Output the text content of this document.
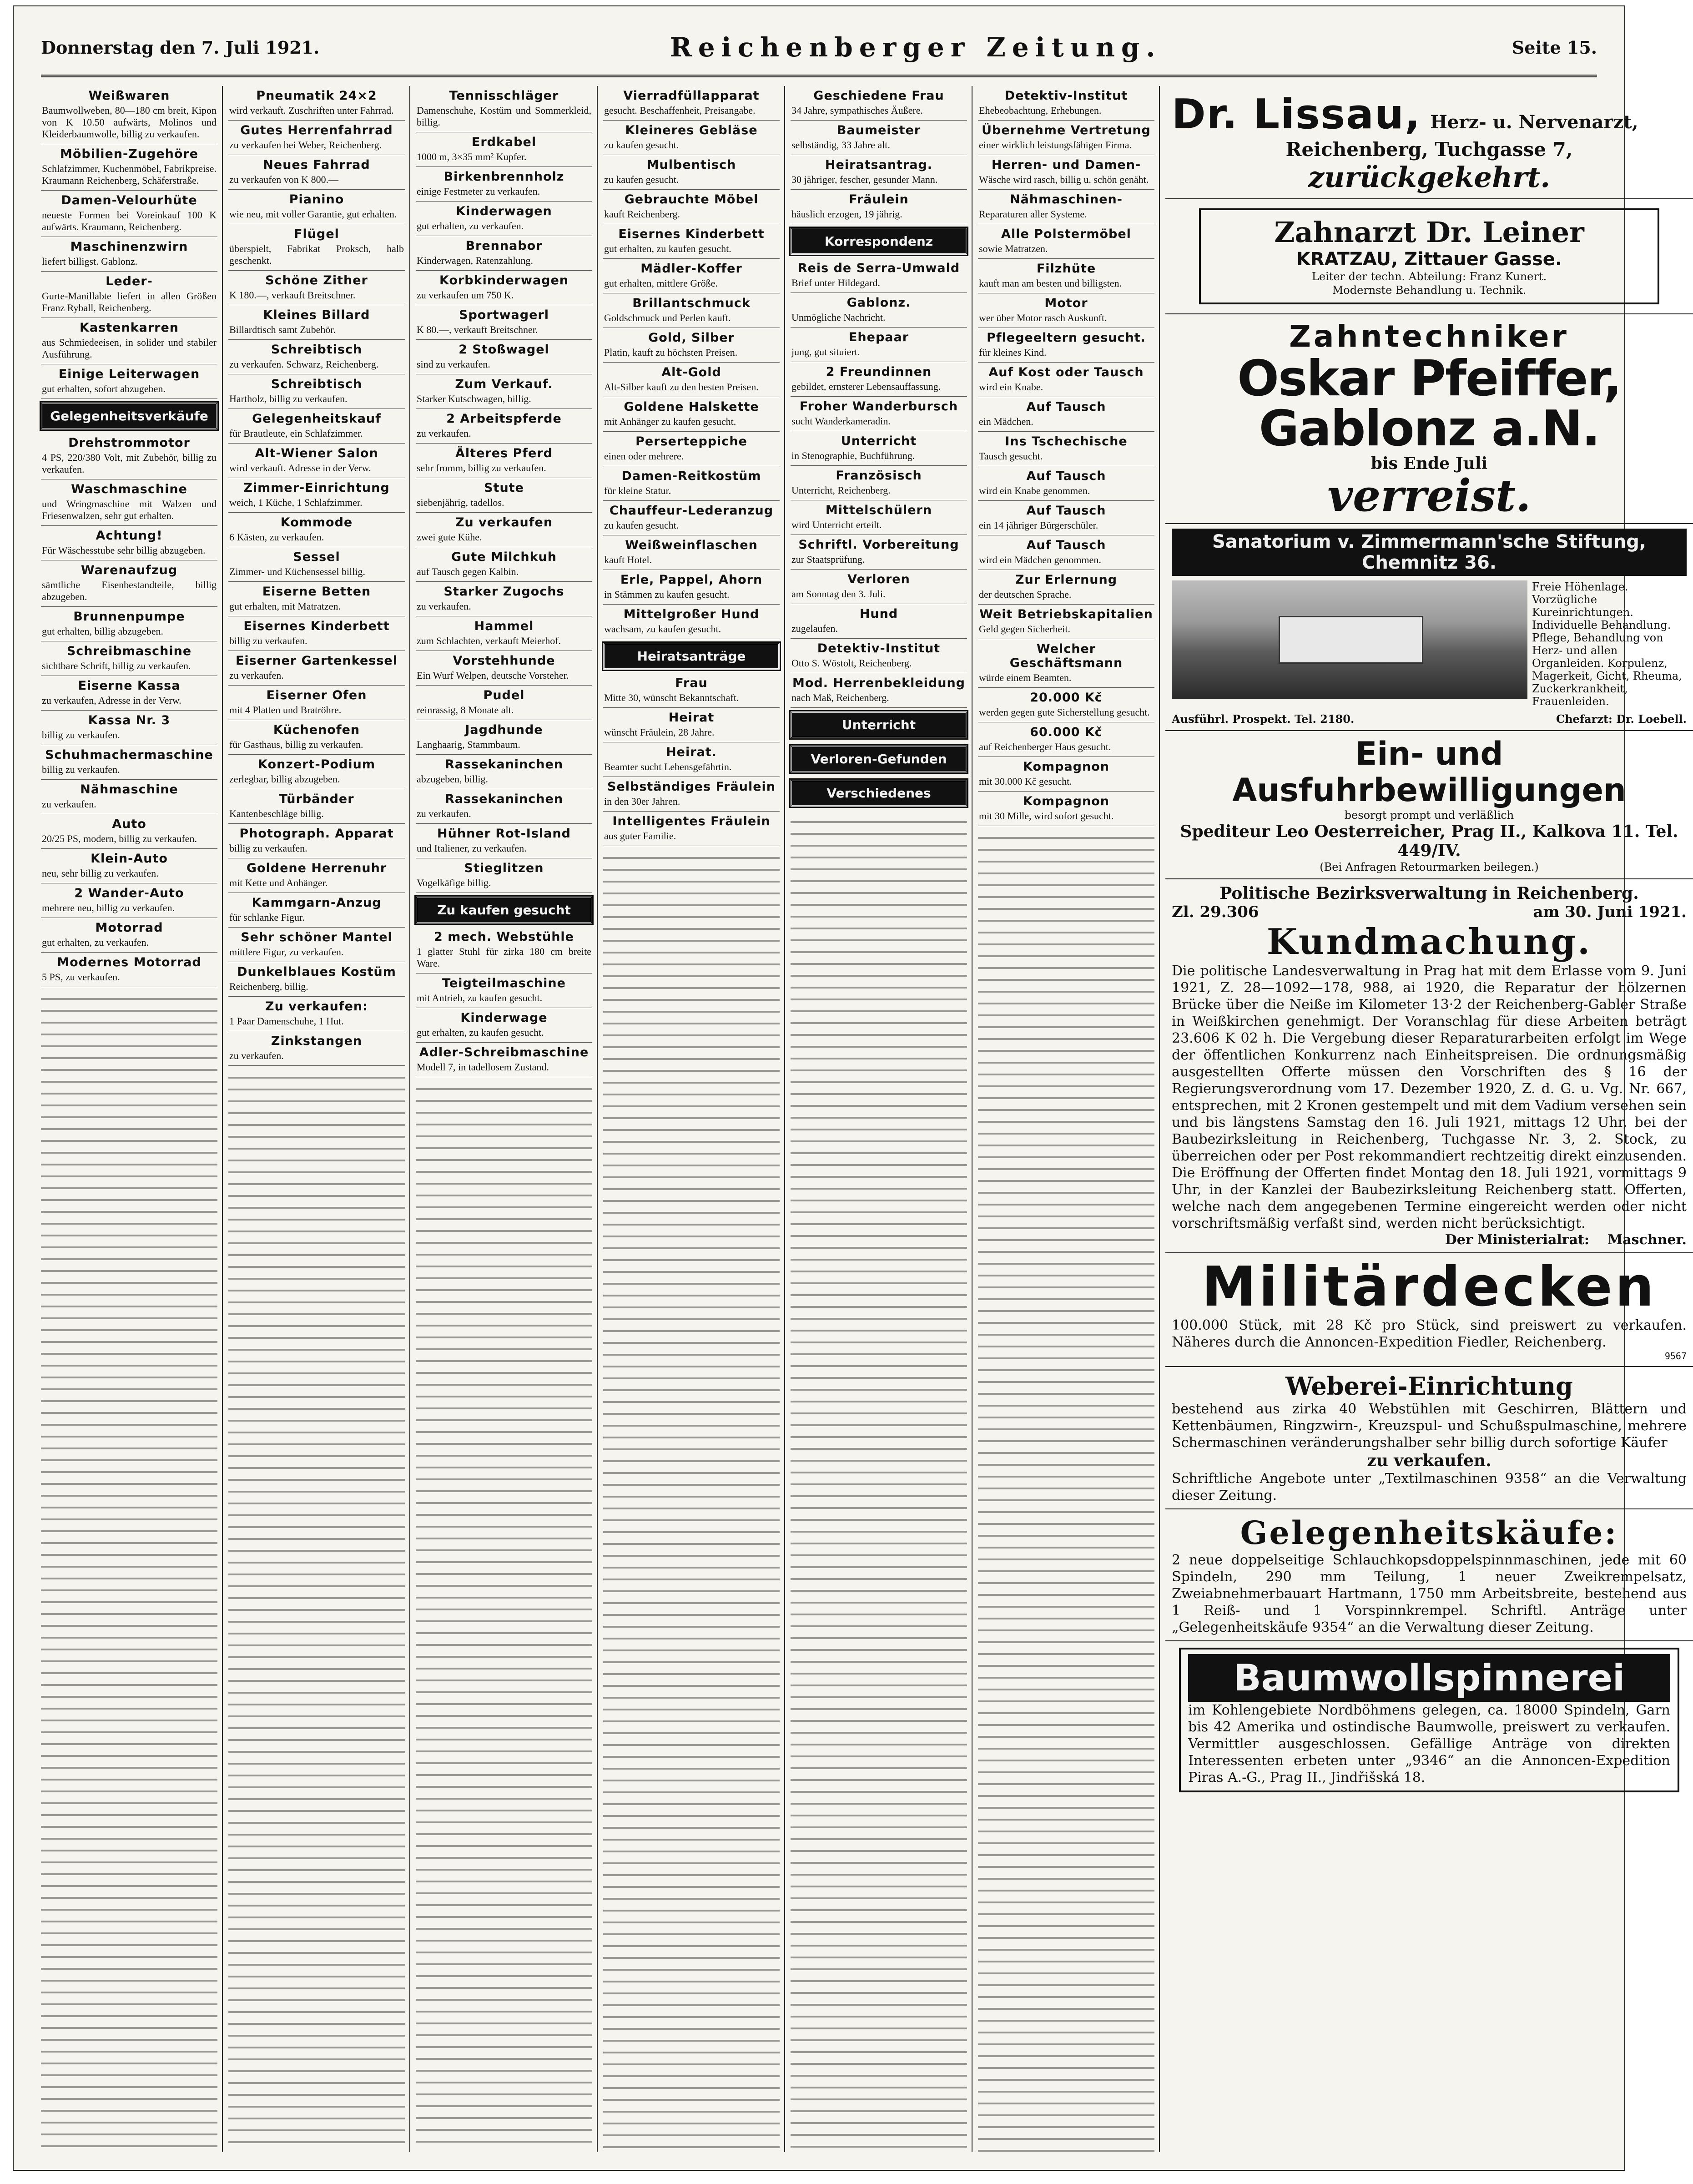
Donnerstag den 7. Juli 1921.	Reichenberger Zeitung.	Seite 15.
Weißwaren
Baumwollweben, 80—180 cm breit, Kipon von K 10.50 aufwärts, Molinos und Kleiderbaumwolle, billig zu verkaufen.
Möbilien-Zugehöre
Schlafzimmer, Kuchenmöbel, Fabrikpreise. Kraumann Reichenberg, Schäferstraße.
Damen-Velourhüte
neueste Formen bei Voreinkauf 100 K aufwärts. Kraumann, Reichenberg.
Maschinenzwirn
liefert billigst. Gablonz.
Leder-
Gurte-Manillabte liefert in allen Größen Franz Ryball, Reichenberg.
Kastenkarren
aus Schmiedeeisen, in solider und stabiler Ausführung.
Einige Leiterwagen
gut erhalten, sofort abzugeben.
Gelegenheitsverkäufe
Drehstrommotor
4 PS, 220/380 Volt, mit Zubehör, billig zu verkaufen.
Waschmaschine
und Wringmaschine mit Walzen und Friesenwalzen, sehr gut erhalten.
Achtung!
Für Wäschesstube sehr billig abzugeben.
Warenaufzug
sämtliche Eisenbestandteile, billig abzugeben.
Brunnenpumpe
gut erhalten, billig abzugeben.
Schreibmaschine
sichtbare Schrift, billig zu verkaufen.
Eiserne Kassa
zu verkaufen, Adresse in der Verw.
Kassa Nr. 3
billig zu verkaufen.
Schuhmachermaschine
billig zu verkaufen.
Nähmaschine
zu verkaufen.
Auto
20/25 PS, modern, billig zu verkaufen.
Klein-Auto
neu, sehr billig zu verkaufen.
2 Wander-Auto
mehrere neu, billig zu verkaufen.
Motorrad
gut erhalten, zu verkaufen.
Modernes Motorrad
5 PS, zu verkaufen.
Pneumatik 24×2
wird verkauft. Zuschriften unter Fahrrad.
Gutes Herrenfahrrad
zu verkaufen bei Weber, Reichenberg.
Neues Fahrrad
zu verkaufen von K 800.—
Pianino
wie neu, mit voller Garantie, gut erhalten.
Flügel
überspielt, Fabrikat Proksch, halb geschenkt.
Schöne Zither
K 180.—, verkauft Breitschner.
Kleines Billard
Billardtisch samt Zubehör.
Schreibtisch
zu verkaufen. Schwarz, Reichenberg.
Schreibtisch
Hartholz, billig zu verkaufen.
Gelegenheitskauf
für Brautleute, ein Schlafzimmer.
Alt-Wiener Salon
wird verkauft. Adresse in der Verw.
Zimmer-Einrichtung
weich, 1 Küche, 1 Schlafzimmer.
Kommode
6 Kästen, zu verkaufen.
Sessel
Zimmer- und Küchensessel billig.
Eiserne Betten
gut erhalten, mit Matratzen.
Eisernes Kinderbett
billig zu verkaufen.
Eiserner Gartenkessel
zu verkaufen.
Eiserner Ofen
mit 4 Platten und Bratröhre.
Küchenofen
für Gasthaus, billig zu verkaufen.
Konzert-Podium
zerlegbar, billig abzugeben.
Türbänder
Kantenbeschläge billig.
Photograph. Apparat
billig zu verkaufen.
Goldene Herrenuhr
mit Kette und Anhänger.
Kammgarn-Anzug
für schlanke Figur.
Sehr schöner Mantel
mittlere Figur, zu verkaufen.
Dunkelblaues Kostüm
Reichenberg, billig.
Zu verkaufen:
1 Paar Damenschuhe, 1 Hut.
Zinkstangen
zu verkaufen.
Tennisschläger
Damenschuhe, Kostüm und Sommerkleid, billig.
Erdkabel
1000 m, 3×35 mm² Kupfer.
Birkenbrennholz
einige Festmeter zu verkaufen.
Kinderwagen
gut erhalten, zu verkaufen.
Brennabor
Kinderwagen, Ratenzahlung.
Korbkinderwagen
zu verkaufen um 750 K.
Sportwagerl
K 80.—, verkauft Breitschner.
2 Stoßwagel
sind zu verkaufen.
Zum Verkauf.
Starker Kutschwagen, billig.
2 Arbeitspferde
zu verkaufen.
Älteres Pferd
sehr fromm, billig zu verkaufen.
Stute
siebenjährig, tadellos.
Zu verkaufen
zwei gute Kühe.
Gute Milchkuh
auf Tausch gegen Kalbin.
Starker Zugochs
zu verkaufen.
Hammel
zum Schlachten, verkauft Meierhof.
Vorstehhunde
Ein Wurf Welpen, deutsche Vorsteher.
Pudel
reinrassig, 8 Monate alt.
Jagdhunde
Langhaarig, Stammbaum.
Rassekaninchen
abzugeben, billig.
Rassekaninchen
zu verkaufen.
Hühner Rot-Island
und Italiener, zu verkaufen.
Stieglitzen
Vogelkäfige billig.
Zu kaufen gesucht
2 mech. Webstühle
1 glatter Stuhl für zirka 180 cm breite Ware.
Teigteilmaschine
mit Antrieb, zu kaufen gesucht.
Kinderwage
gut erhalten, zu kaufen gesucht.
Adler-Schreibmaschine
Modell 7, in tadellosem Zustand.
Vierradfüllapparat
gesucht. Beschaffenheit, Preisangabe.
Kleineres Gebläse
zu kaufen gesucht.
Mulbentisch
zu kaufen gesucht.
Gebrauchte Möbel
kauft Reichenberg.
Eisernes Kinderbett
gut erhalten, zu kaufen gesucht.
Mädler-Koffer
gut erhalten, mittlere Größe.
Brillantschmuck
Goldschmuck und Perlen kauft.
Gold, Silber
Platin, kauft zu höchsten Preisen.
Alt-Gold
Alt-Silber kauft zu den besten Preisen.
Goldene Halskette
mit Anhänger zu kaufen gesucht.
Perserteppiche
einen oder mehrere.
Damen-Reitkostüm
für kleine Statur.
Chauffeur-Lederanzug
zu kaufen gesucht.
Weißweinflaschen
kauft Hotel.
Erle, Pappel, Ahorn
in Stämmen zu kaufen gesucht.
Mittelgroßer Hund
wachsam, zu kaufen gesucht.
Heiratsanträge
Frau
Mitte 30, wünscht Bekanntschaft.
Heirat
wünscht Fräulein, 28 Jahre.
Heirat.
Beamter sucht Lebensgefährtin.
Selbständiges Fräulein
in den 30er Jahren.
Intelligentes Fräulein
aus guter Familie.
Geschiedene Frau
34 Jahre, sympathisches Äußere.
Baumeister
selbständig, 33 Jahre alt.
Heiratsantrag.
30 jähriger, fescher, gesunder Mann.
Fräulein
häuslich erzogen, 19 jährig.
Korrespondenz
Reis de Serra-Umwald
Brief unter Hildegard.
Gablonz.
Unmögliche Nachricht.
Ehepaar
jung, gut situiert.
2 Freundinnen
gebildet, ernsterer Lebensauffassung.
Froher Wanderbursch
sucht Wanderkameradin.
Unterricht
in Stenographie, Buchführung.
Französisch
Unterricht, Reichenberg.
Mittelschülern
wird Unterricht erteilt.
Schriftl. Vorbereitung
zur Staatsprüfung.
Verloren
am Sonntag den 3. Juli.
Hund
zugelaufen.
Detektiv-Institut
Otto S. Wöstolt, Reichenberg.
Mod. Herrenbekleidung
nach Maß, Reichenberg.
Unterricht
Verloren-Gefunden
Verschiedenes
Detektiv-Institut
Ehebeobachtung, Erhebungen.
Übernehme Vertretung
einer wirklich leistungsfähigen Firma.
Herren- und Damen-
Wäsche wird rasch, billig u. schön genäht.
Nähmaschinen-
Reparaturen aller Systeme.
Alle Polstermöbel
sowie Matratzen.
Filzhüte
kauft man am besten und billigsten.
Motor
wer über Motor rasch Auskunft.
Pflegeeltern gesucht.
für kleines Kind.
Auf Kost oder Tausch
wird ein Knabe.
Auf Tausch
ein Mädchen.
Ins Tschechische
Tausch gesucht.
Auf Tausch
wird ein Knabe genommen.
Auf Tausch
ein 14 jähriger Bürgerschüler.
Auf Tausch
wird ein Mädchen genommen.
Zur Erlernung
der deutschen Sprache.
Weit Betriebskapitalien
Geld gegen Sicherheit.
Welcher Geschäftsmann
würde einem Beamten.
20.000 Kč
werden gegen gute Sicherstellung gesucht.
60.000 Kč
auf Reichenberger Haus gesucht.
Kompagnon
mit 30.000 Kč gesucht.
Kompagnon
mit 30 Mille, wird sofort gesucht.
Dr. Lissau, Herz- u. Nervenarzt,
Reichenberg, Tuchgasse 7,
zurückgekehrt.
Zahnarzt Dr. Leiner
KRATZAU, Zittauer Gasse.
Leiter der techn. Abteilung: Franz Kunert.
Modernste Behandlung u. Technik.
Zahntechniker
Oskar Pfeiffer, Gablonz a.N.
bis Ende Juli
verreist.
Sanatorium v. Zimmermann'sche Stiftung, Chemnitz 36.
Freie Höhenlage. Vorzügliche Kureinrichtungen. Individuelle Behandlung. Pflege, Behandlung von Herz- und allen Organleiden. Korpulenz, Magerkeit, Gicht, Rheuma, Zuckerkrankheit, Frauenleiden.
Ausführl. Prospekt. Tel. 2180.	Chefarzt: Dr. Loebell.
Ein- und Ausfuhrbewilligungen
besorgt prompt und verläßlich
Spediteur Leo Oesterreicher, Prag II., Kalkova 11. Tel. 449/IV.
(Bei Anfragen Retourmarken beilegen.)
Politische Bezirksverwaltung in Reichenberg.
Zl. 29.306	am 30. Juni 1921.
Kundmachung.
Die politische Landesverwaltung in Prag hat mit dem Erlasse vom 9. Juni 1921, Z. 28—1092—178, 988, ai 1920, die Reparatur der hölzernen Brücke über die Neiße im Kilometer 13·2 der Reichenberg-Gabler Straße in Weißkirchen genehmigt. Der Voranschlag für diese Arbeiten beträgt 23.606 K 02 h. Die Vergebung dieser Reparaturarbeiten erfolgt im Wege der öffentlichen Konkurrenz nach Einheitspreisen. Die ordnungsmäßig ausgestellten Offerte müssen den Vorschriften des § 16 der Regierungsverordnung vom 17. Dezember 1920, Z. d. G. u. Vg. Nr. 667, entsprechen, mit 2 Kronen gestempelt und mit dem Vadium versehen sein und bis längstens Samstag den 16. Juli 1921, mittags 12 Uhr, bei der Baubezirksleitung in Reichenberg, Tuchgasse Nr. 3, 2. Stock, zu überreichen oder per Post rekommandiert rechtzeitig direkt einzusenden. Die Eröffnung der Offerten findet Montag den 18. Juli 1921, vormittags 9 Uhr, in der Kanzlei der Baubezirksleitung Reichenberg statt. Offerten, welche nach dem angegebenen Termine eingereicht werden oder nicht vorschriftsmäßig verfaßt sind, werden nicht berücksichtigt.
Der Ministerialrat: Maschner.
Militärdecken
100.000 Stück, mit 28 Kč pro Stück, sind preiswert zu verkaufen. Näheres durch die Annoncen-Expedition Fiedler, Reichenberg.
9567
Weberei-Einrichtung
bestehend aus zirka 40 Webstühlen mit Geschirren, Blättern und Kettenbäumen, Ringzwirn-, Kreuzspul- und Schußspulmaschine, mehrere Schermaschinen veränderungshalber sehr billig durch sofortige Käufer
zu verkaufen.
Schriftliche Angebote unter „Textilmaschinen 9358“ an die Verwaltung dieser Zeitung.
Gelegenheitskäufe:
2 neue doppelseitige Schlauchkopsdoppelspinnmaschinen, jede mit 60 Spindeln, 290 mm Teilung, 1 neuer Zweikrempelsatz, Zweiabnehmerbauart Hartmann, 1750 mm Arbeitsbreite, bestehend aus 1 Reiß- und 1 Vorspinnkrempel. Schriftl. Anträge unter „Gelegenheitskäufe 9354“ an die Verwaltung dieser Zeitung.
Baumwollspinnerei
im Kohlengebiete Nordböhmens gelegen, ca. 18000 Spindeln, Garn bis 42 Amerika und ostindische Baumwolle, preiswert zu verkaufen. Vermittler ausgeschlossen. Gefällige Anträge von direkten Interessenten erbeten unter „9346“ an die Annoncen-Expedition Piras A.-G., Prag II., Jindřišská 18.
